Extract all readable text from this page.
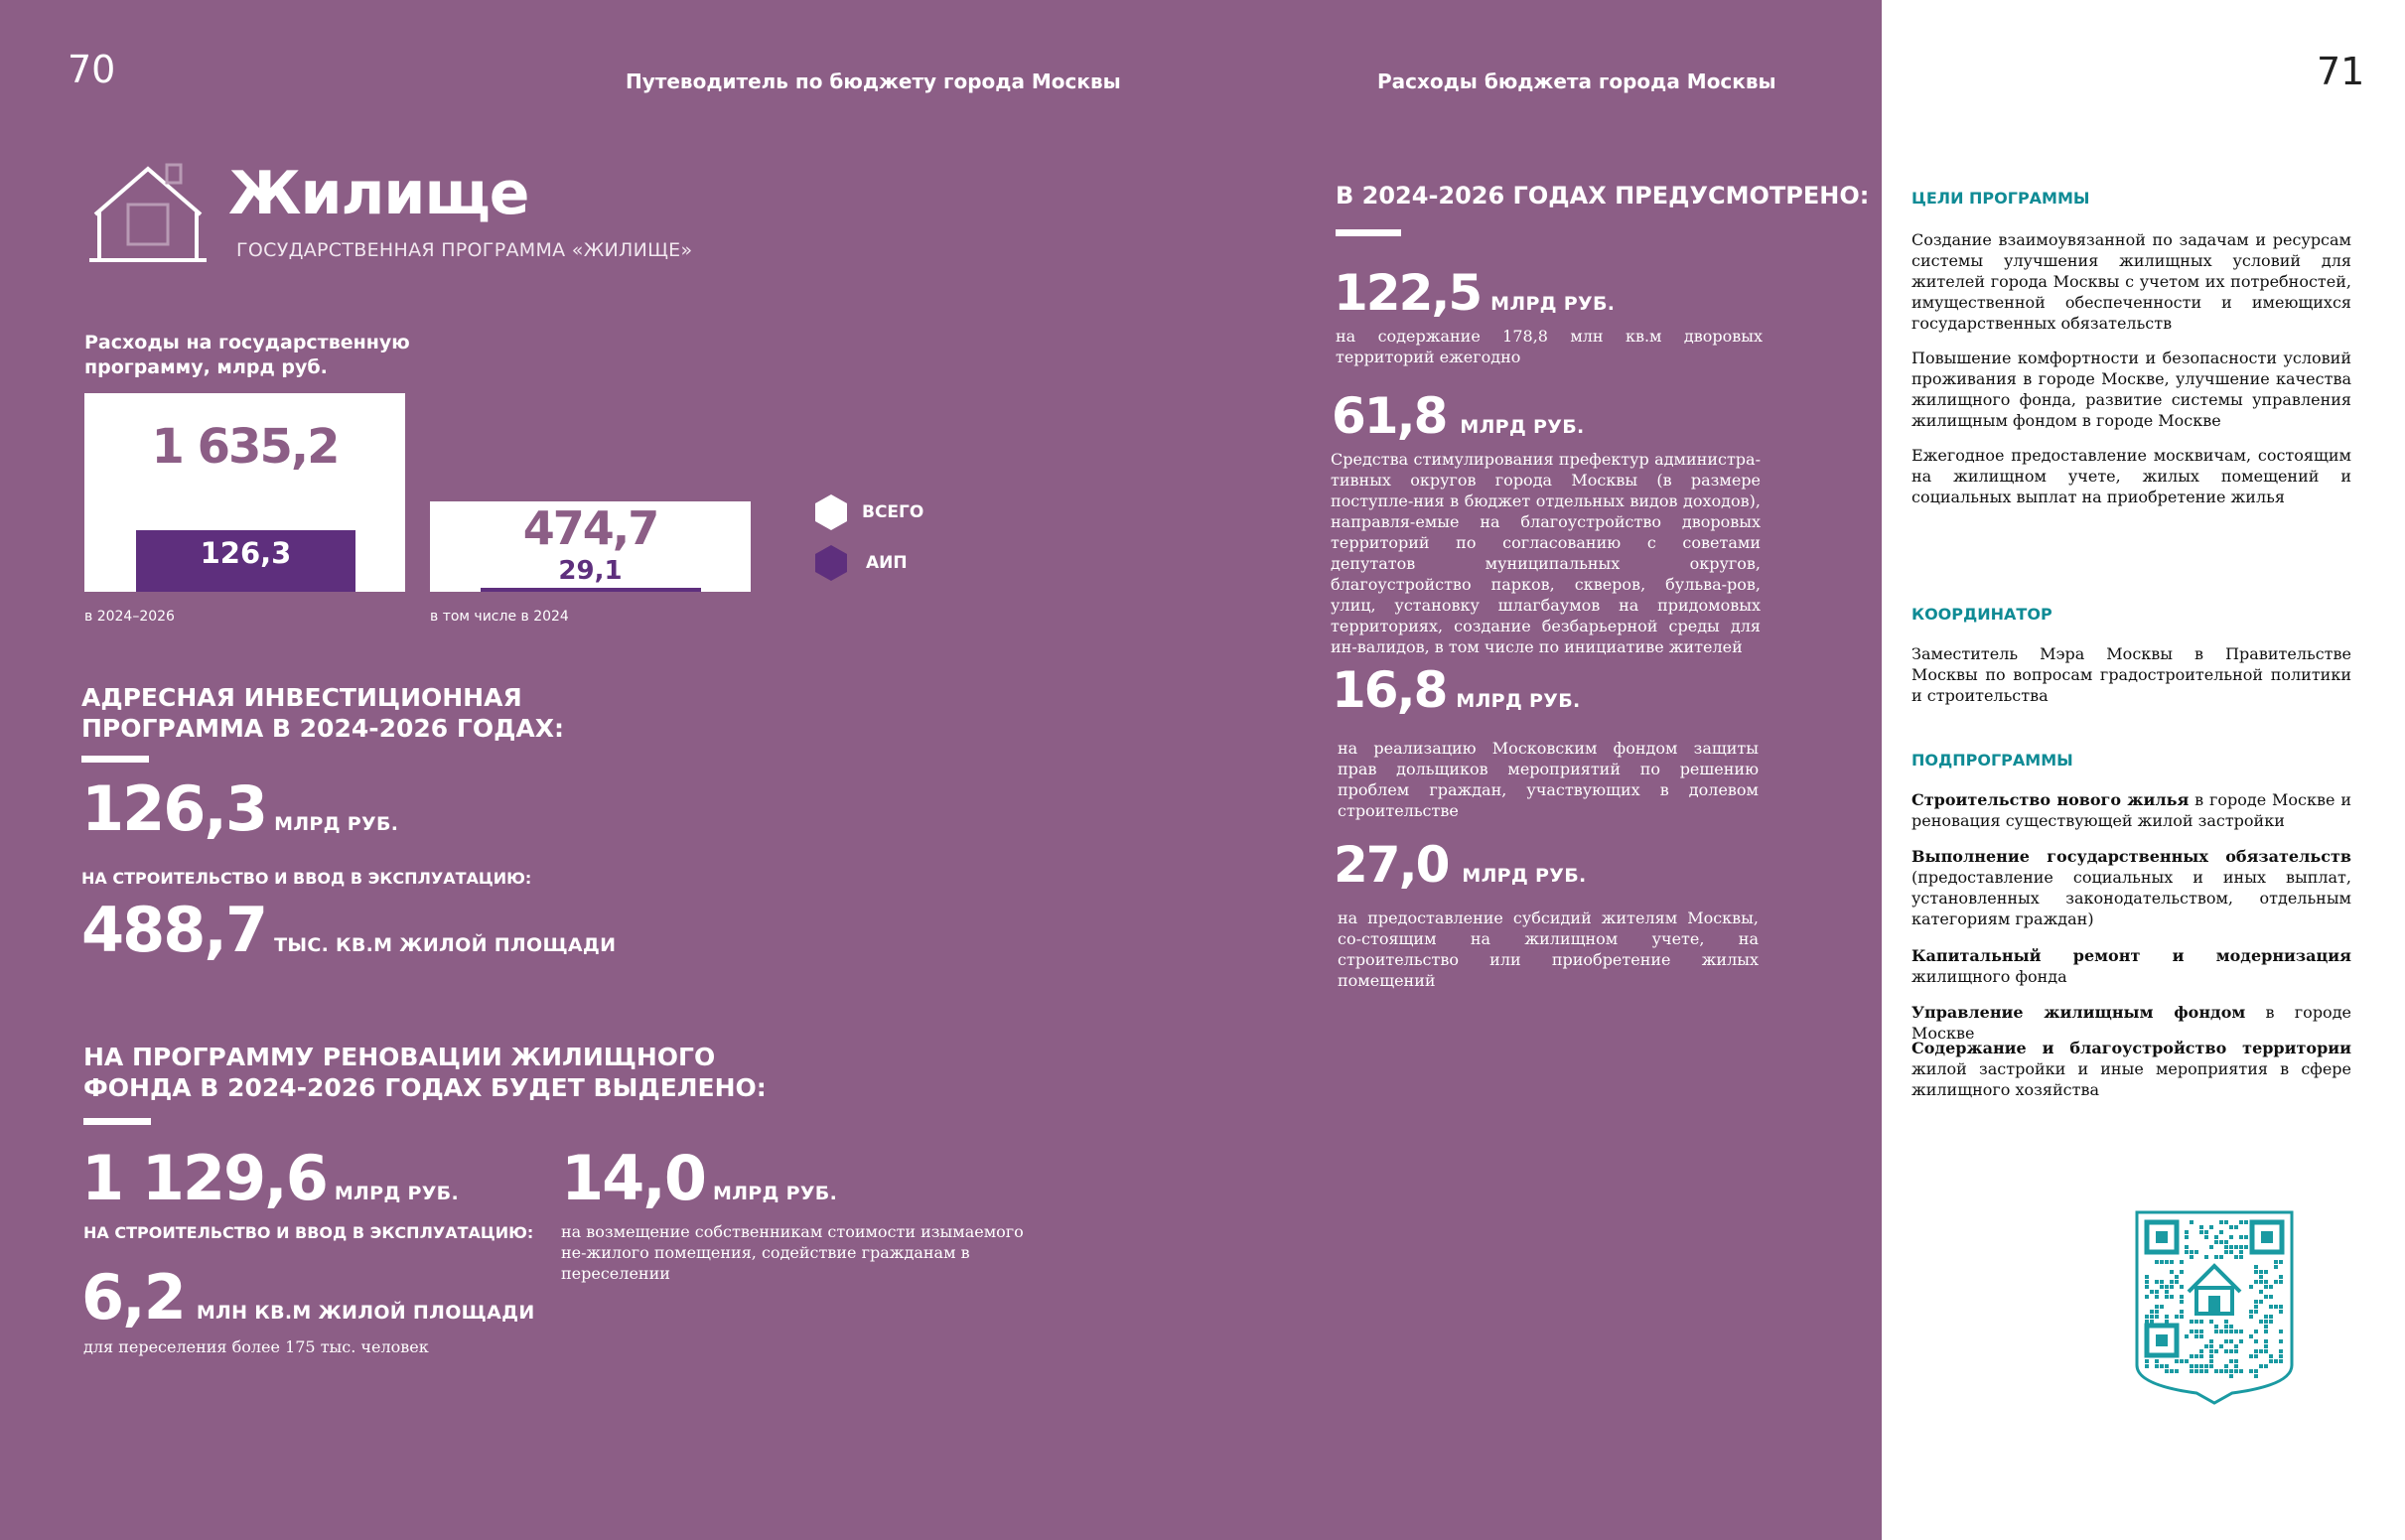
70	Путеводитель по бюджету города Москвы	Расходы бюджета города Москвы	71
Жилище
ГОСУДАРСТВЕННАЯ ПРОГРАММА «ЖИЛИЩЕ»
Расходы на государственную программу, млрд руб.
1 635,2
126,3	474,7
29,1
в 2024–2026	в том числе в 2024
ВСЕГО
АИП
АДРЕСНАЯ ИНВЕСТИЦИОННАЯ ПРОГРАММА В 2024-2026 ГОДАХ:
126,3 МЛРД РУБ.
НА СТРОИТЕЛЬСТВО И ВВОД В ЭКСПЛУАТАЦИЮ:
488,7 ТЫС. КВ.М ЖИЛОЙ ПЛОЩАДИ
НА ПРОГРАММУ РЕНОВАЦИИ ЖИЛИЩНОГО ФОНДА В 2024-2026 ГОДАХ БУДЕТ ВЫДЕЛЕНО:
1 129,6 МЛРД РУБ.
НА СТРОИТЕЛЬСТВО И ВВОД В ЭКСПЛУАТАЦИЮ:
14,0 МЛРД РУБ.
на возмещение собственникам стоимости изымаемого не-жилого помещения, содействие гражданам в переселении
6,2 МЛН КВ.М ЖИЛОЙ ПЛОЩАДИ
для переселения более 175 тыс. человек
В 2024-2026 ГОДАХ ПРЕДУСМОТРЕНО:
122,5 МЛРД РУБ.
на содержание 178,8 млн кв.м дворовых территорий ежегодно
61,8 МЛРД РУБ.
Средства стимулирования префектур администра-тивных округов города Москвы (в размере поступле-ния в бюджет отдельных видов доходов), направля-емые на благоустройство дворовых территорий по согласованию с советами депутатов муниципальных округов, благоустройство парков, скверов, бульва-ров, улиц, установку шлагбаумов на придомовых территориях, создание безбарьерной среды для ин-валидов, в том числе по инициативе жителей
16,8 МЛРД РУБ.
на реализацию Московским фондом защиты прав дольщиков мероприятий по решению проблем граждан, участвующих в долевом строительстве
27,0 МЛРД РУБ.
на предоставление субсидий жителям Москвы, со-стоящим на жилищном учете, на строительство или приобретение жилых помещений
ЦЕЛИ ПРОГРАММЫ
Создание взаимоувязанной по задачам и ресурсам системы улучшения жилищных условий для жителей города Москвы с учетом их потребностей, имущественной обеспеченности и имеющихся государственных обязательств
Повышение комфортности и безопасности условий проживания в городе Москве, улучшение качества жилищного фонда, развитие системы управления жилищным фондом в городе Москве
Ежегодное предоставление москвичам, состоящим на жилищном учете, жилых помещений и социальных выплат на приобретение жилья
КООРДИНАТОР
Заместитель Мэра Москвы в Правительстве Москвы по вопросам градостроительной политики и строительства
ПОДПРОГРАММЫ
Строительство нового жилья в городе Москве и реновация существующей жилой застройки
Выполнение государственных обязательств (предоставление социальных и иных выплат, установленных законодательством, отдельным категориям граждан)
Капитальный ремонт и модернизация жилищного фонда
Управление жилищным фондом в городе Москве
Содержание и благоустройство территории жилой застройки и иные мероприятия в сфере жилищного хозяйства
